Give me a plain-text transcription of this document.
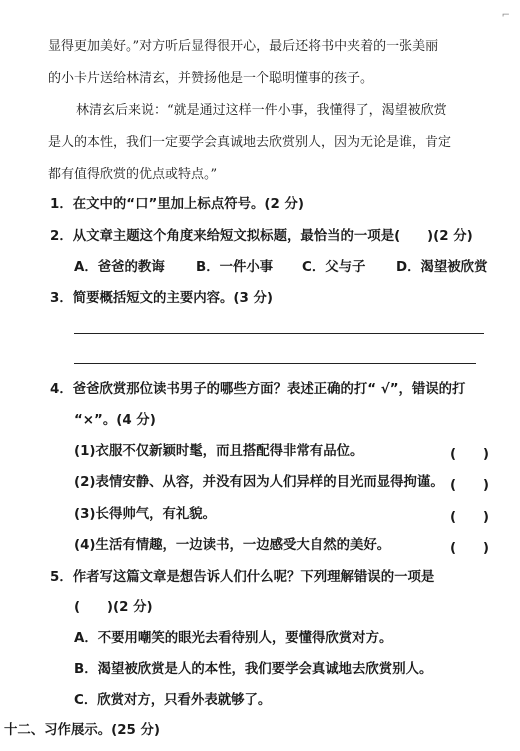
⌐
显得更加美好。”对方听后显得很开心，最后还将书中夹着的一张美丽
的小卡片送给林清玄，并赞扬他是一个聪明懂事的孩子。
林清玄后来说：“就是通过这样一件小事，我懂得了，渴望被欣赏
是人的本性，我们一定要学会真诚地去欣赏别人，因为无论是谁，肯定
都有值得欣赏的优点或特点。”
1．在文中的“口”里加上标点符号。(2 分)
2．从文章主题这个角度来给短文拟标题，最恰当的一项是(　　)(2 分)
A．爸爸的教诲 B．一件小事 C．父与子 D．渴望被欣赏
3．简要概括短文的主要内容。(3 分)
4．爸爸欣赏那位读书男子的哪些方面？表述正确的打“ √”，错误的打
“×”。(4 分)
(1)衣服不仅新颖时髦，而且搭配得非常有品位。	(　　)
(2)表情安静、从容，并没有因为人们异样的目光而显得拘谨。 (　　)
(3)长得帅气，有礼貌。	(　　)
(4)生活有情趣，一边读书，一边感受大自然的美好。	(　　)
5．作者写这篇文章是想告诉人们什么呢？下列理解错误的一项是
(　　)(2 分)
A．不要用嘲笑的眼光去看待别人，要懂得欣赏对方。
B．渴望被欣赏是人的本性，我们要学会真诚地去欣赏别人。
C．欣赏对方，只看外表就够了。
十二、习作展示。(25 分)
